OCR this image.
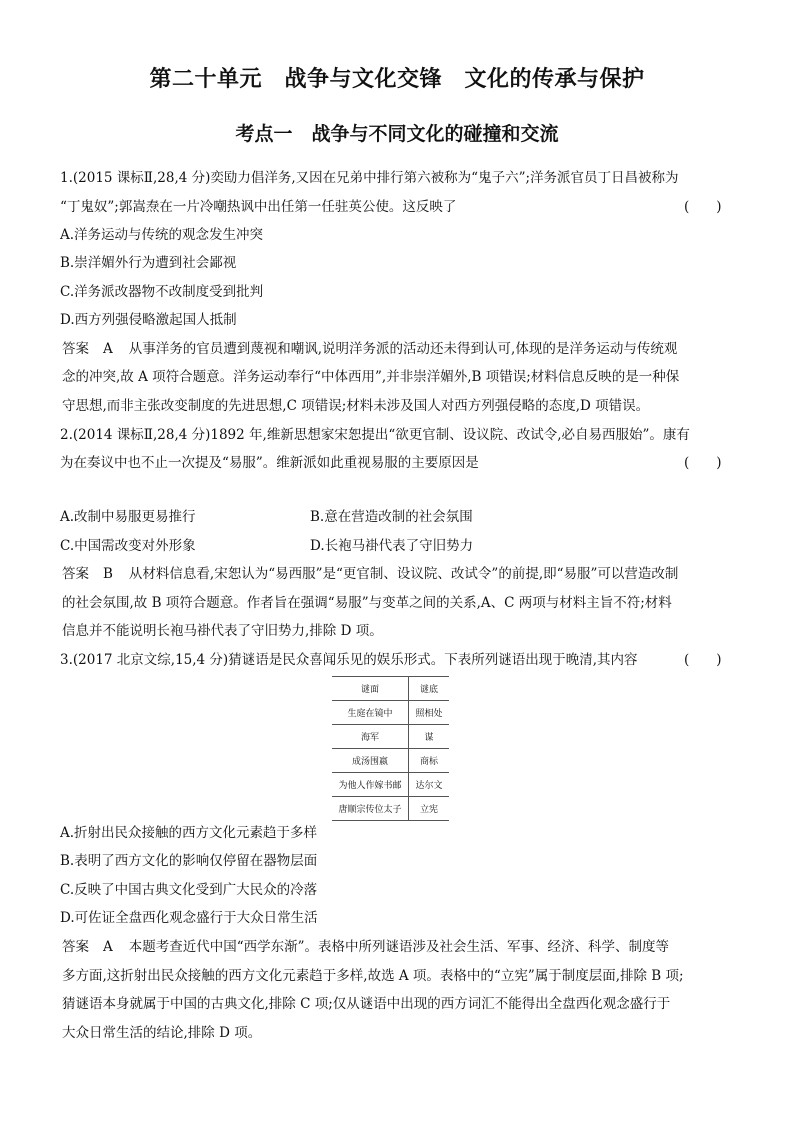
第二十单元　战争与文化交锋　文化的传承与保护
考点一　战争与不同文化的碰撞和交流
1.(2015 课标Ⅱ,28,4 分)奕劻力倡洋务,又因在兄弟中排行第六被称为“鬼子六”;洋务派官员丁日昌被称为
“丁鬼奴”;郭嵩焘在一片冷嘲热讽中出任第一任驻英公使。这反映了	(　　)
A.洋务运动与传统的观念发生冲突
B.崇洋媚外行为遭到社会鄙视
C.洋务派改器物不改制度受到批判
D.西方列强侵略激起国人抵制
答案 A 从事洋务的官员遭到蔑视和嘲讽,说明洋务派的活动还未得到认可,体现的是洋务运动与传统观
念的冲突,故 A 项符合题意。洋务运动奉行“中体西用”,并非崇洋媚外,B 项错误;材料信息反映的是一种保
守思想,而非主张改变制度的先进思想,C 项错误;材料未涉及国人对西方列强侵略的态度,D 项错误。
2.(2014 课标Ⅱ,28,4 分)1892 年,维新思想家宋恕提出“欲更官制、设议院、改试令,必自易西服始”。康有
为在奏议中也不止一次提及“易服”。维新派如此重视易服的主要原因是	(　　)
A.改制中易服更易推行	B.意在营造改制的社会氛围
C.中国需改变对外形象	D.长袍马褂代表了守旧势力
答案 B 从材料信息看,宋恕认为“易西服”是“更官制、设议院、改试令”的前提,即“易服”可以营造改制
的社会氛围,故 B 项符合题意。作者旨在强调“易服”与变革之间的关系,A、C 两项与材料主旨不符;材料
信息并不能说明长袍马褂代表了守旧势力,排除 D 项。
3.(2017 北京文综,15,4 分)猜谜语是民众喜闻乐见的娱乐形式。下表所列谜语出现于晚清,其内容	(　　)
谜面	谜底
生庭在镜中	照相处
海军	谋
成汤围嬴	商标
为他人作嫁书邮	达尔文
唐顺宗传位太子	立宪
A.折射出民众接触的西方文化元素趋于多样
B.表明了西方文化的影响仅停留在器物层面
C.反映了中国古典文化受到广大民众的冷落
D.可佐证全盘西化观念盛行于大众日常生活
答案 A 本题考查近代中国“西学东渐”。表格中所列谜语涉及社会生活、军事、经济、科学、制度等
多方面,这折射出民众接触的西方文化元素趋于多样,故选 A 项。表格中的“立宪”属于制度层面,排除 B 项;
猜谜语本身就属于中国的古典文化,排除 C 项;仅从谜语中出现的西方词汇不能得出全盘西化观念盛行于
大众日常生活的结论,排除 D 项。
